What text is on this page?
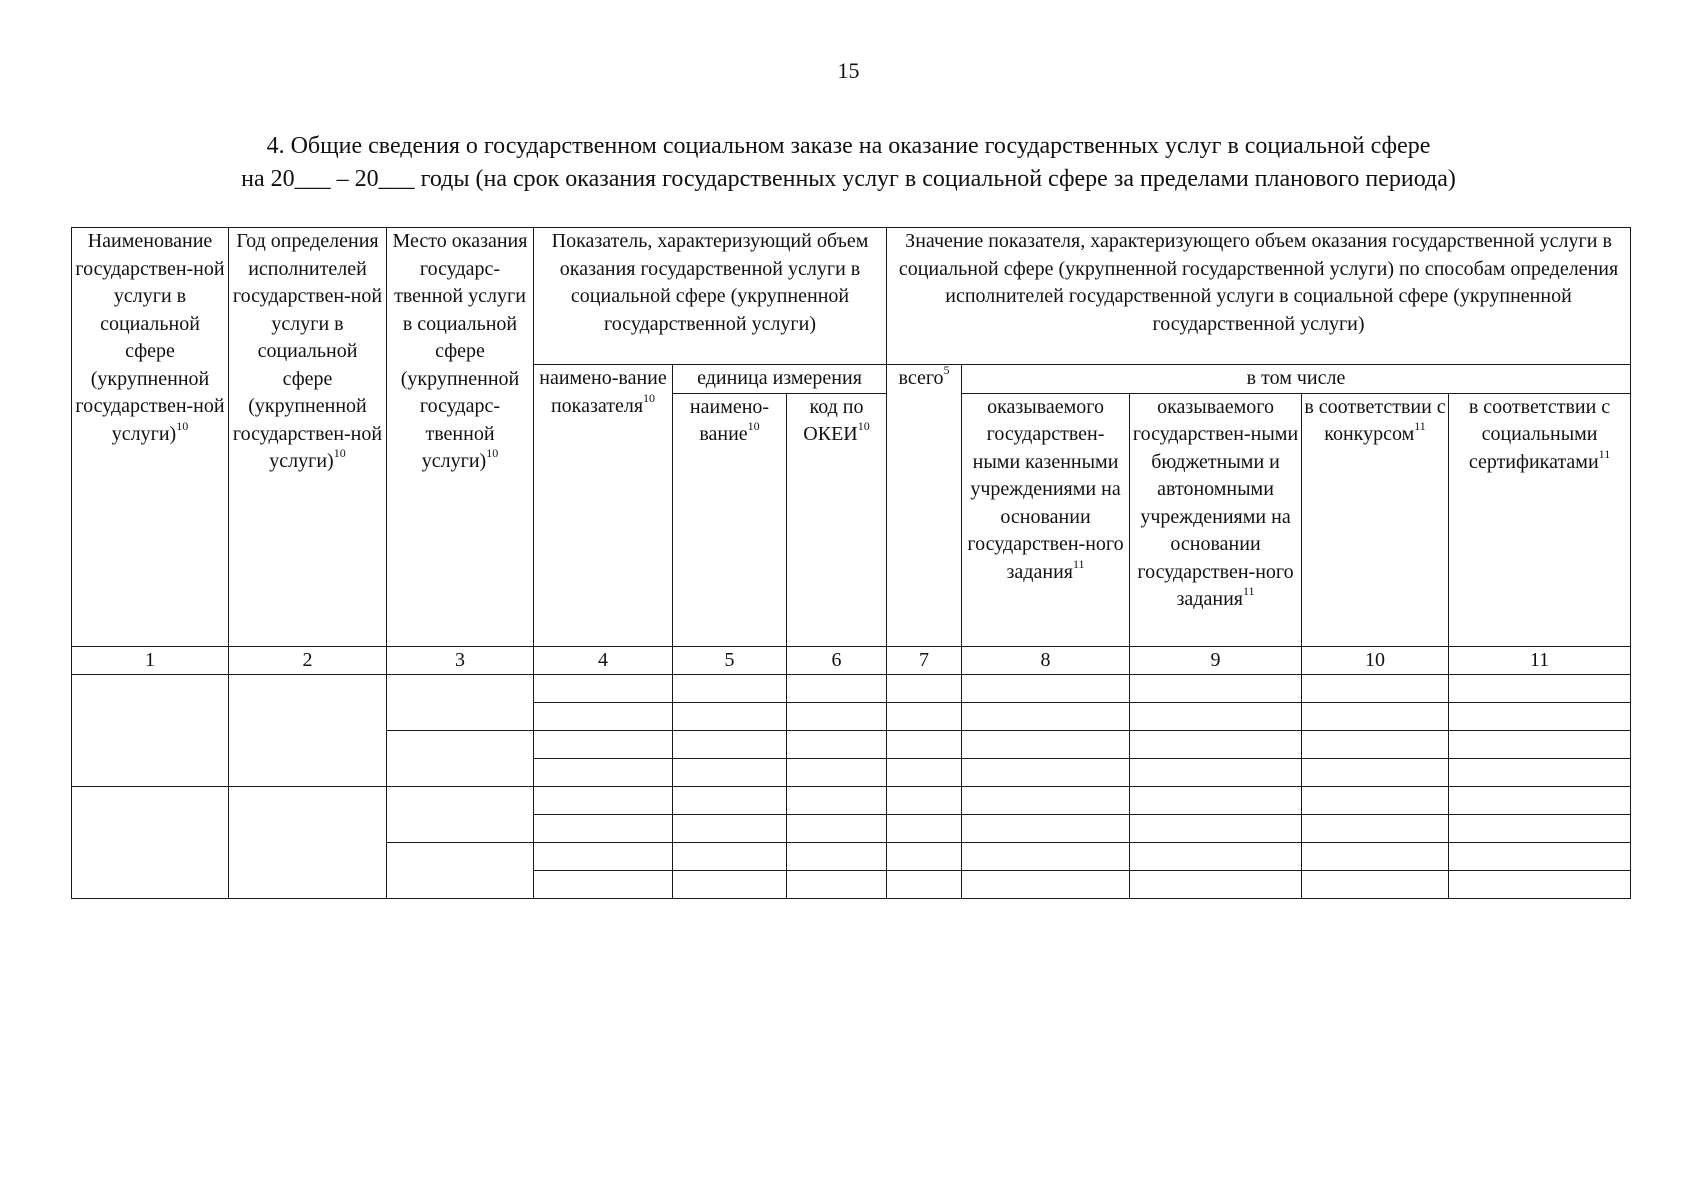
15
4. Общие сведения о государственном социальном заказе на оказание государственных услуг в социальной сфере
на 20___ – 20___ годы (на срок оказания государственных услуг в социальной сфере за пределами планового периода)
Наименование государствен-ной услуги в социальной сфере (укрупненной государствен-ной услуги)$^{10}$	Год определения исполнителей государствен-ной услуги в социальной сфере (укрупненной государствен-ной услуги)$^{10}$	Место оказания государс-твенной услуги в социальной сфере (укрупненной государс-твенной услуги)$^{10}$	Показатель, характеризующий объем оказания государственной услуги в социальной сфере (укрупненной государственной услуги)			Значение показателя, характеризующего объем оказания государственной услуги в социальной сфере (укрупненной государственной услуги) по способам определения исполнителей государственной услуги в социальной сфере (укрупненной государственной услуги)				
			наимено-вание показателя$^{10}$	единица измерения		всего$^5$	в том числе			
				наимено-вание$^{10}$	код по ОКЕИ$^{10}$		оказываемого государствен-ными казенными учреждениями на основании государствен-ного задания$^{11}$	оказываемого государствен-ными бюджетными и автономными учреждениями на основании государствен-ного задания$^{11}$	в соответствии с конкурсом$^{11}$	в соответствии с социальными сертификатами$^{11}$
1	2	3	4	5	6	7	8	9	10	11
